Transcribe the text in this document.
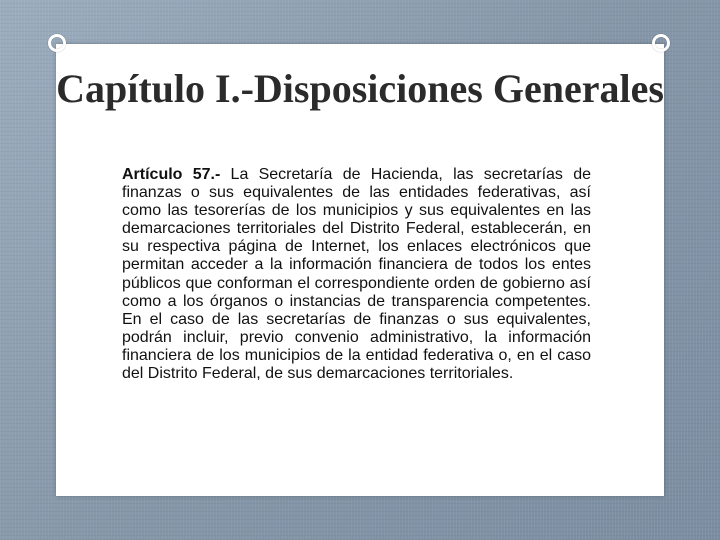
Capítulo I.-Disposiciones Generales

Artículo 57.- La Secretaría de Hacienda, las secretarías de finanzas o sus equivalentes de las entidades federativas, así como las tesorerías de los municipios y sus equivalentes en las demarcaciones territoriales del Distrito Federal, establecerán, en su respectiva página de Internet, los enlaces electrónicos que permitan acceder a la información financiera de todos los entes públicos que conforman el correspondiente orden de gobierno así como a los órganos o instancias de transparencia competentes. En el caso de las secretarías de finanzas o sus equivalentes, podrán incluir, previo convenio administrativo, la información financiera de los municipios de la entidad federativa o, en el caso del Distrito Federal, de sus demarcaciones territoriales.
